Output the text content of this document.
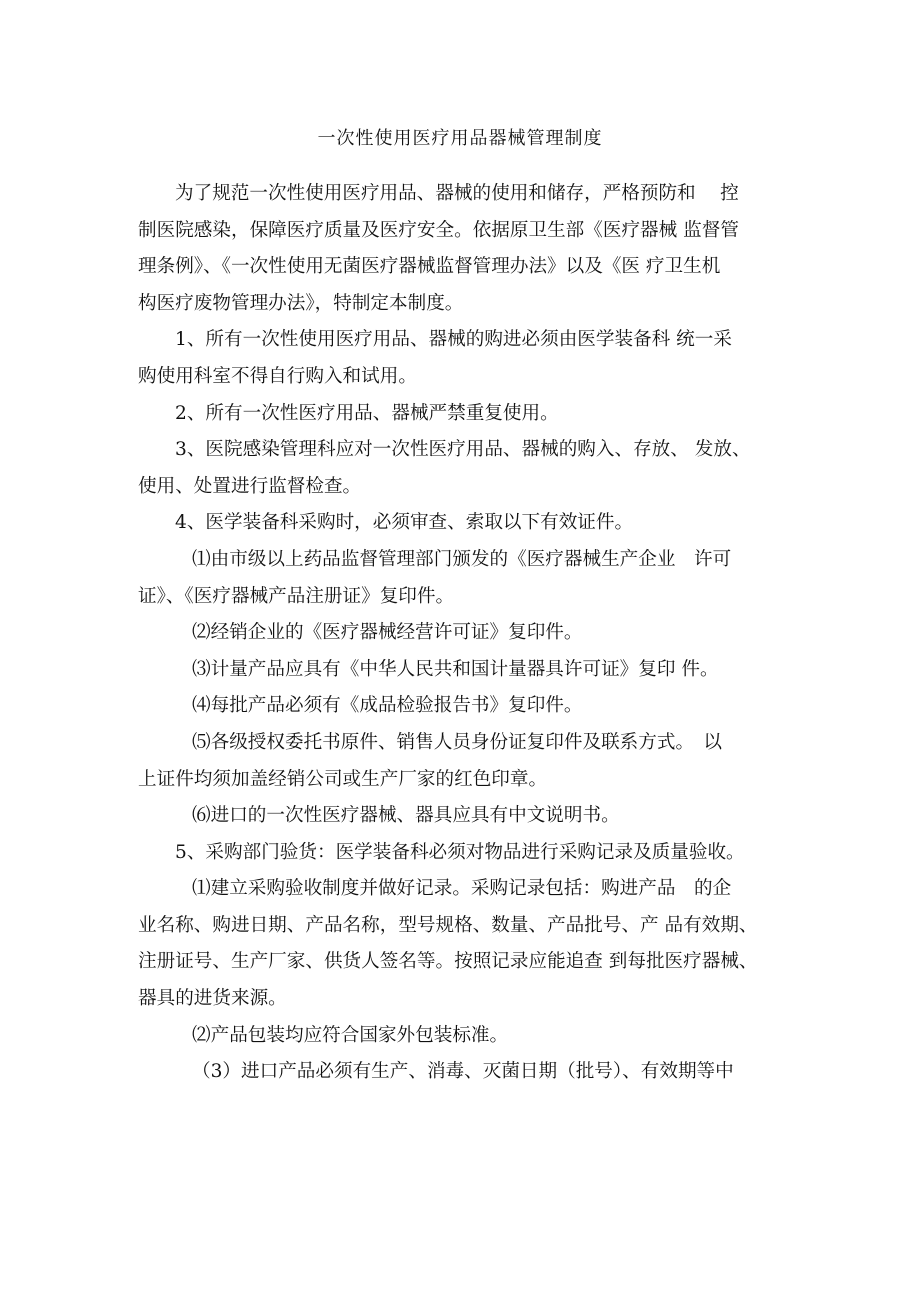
一次性使用医疗用品器械管理制度
为了规范一次性使用医疗用品、器械的使用和储存，严格预防和　 控
制医院感染，保障医疗质量及医疗安全。依据原卫生部《医疗器械 监督管
理条例》、《一次性使用无菌医疗器械监督管理办法》以及《医 疗卫生机
构医疗废物管理办法》，特制定本制度。
1、所有一次性使用医疗用品、器械的购进必须由医学装备科 统一采
购使用科室不得自行购入和试用。
2、所有一次性医疗用品、器械严禁重复使用。
3、医院感染管理科应对一次性医疗用品、器械的购入、存放、 发放、
使用、处置进行监督检查。
4、医学装备科采购时，必须审查、索取以下有效证件。
⑴由市级以上药品监督管理部门颁发的《医疗器械生产企业　许可
证》、《医疗器械产品注册证》复印件。
⑵经销企业的《医疗器械经营许可证》复印件。
⑶计量产品应具有《中华人民共和国计量器具许可证》复印 件。
⑷每批产品必须有《成品检验报告书》复印件。
⑸各级授权委托书原件、销售人员身份证复印件及联系方式。　以
上证件均须加盖经销公司或生产厂家的红色印章。
⑹进口的一次性医疗器械、器具应具有中文说明书。
5、采购部门验货：医学装备科必须对物品进行采购记录及质量验收。
⑴建立采购验收制度并做好记录。采购记录包括：购进产品　的企
业名称、购进日期、产品名称，型号规格、数量、产品批号、产 品有效期、
注册证号、生产厂家、供货人签名等。按照记录应能追查 到每批医疗器械、
器具的进货来源。
⑵产品包装均应符合国家外包装标准。
（3）进口产品必须有生产、消毒、灭菌日期（批号）、有效期等中
